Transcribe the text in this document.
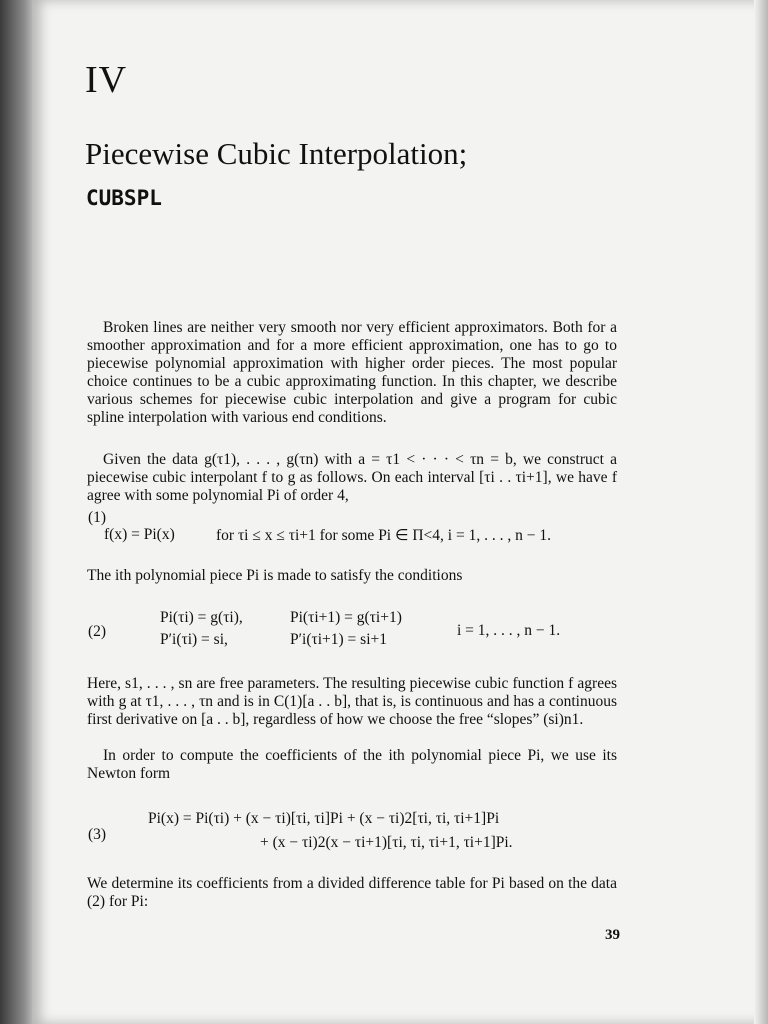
IV
Piecewise Cubic Interpolation;
CUBSPL
Broken lines are neither very smooth nor very efficient approximators. Both for a smoother approximation and for a more efficient approximation, one has to go to piecewise polynomial approximation with higher order pieces. The most popular choice continues to be a cubic approximating function. In this chapter, we describe various schemes for piecewise cubic interpolation and give a program for cubic spline interpolation with various end conditions.
Given the data g(τ1), . . . , g(τn) with a = τ1 < · · · < τn = b, we construct a piecewise cubic interpolant f to g as follows. On each interval [τi . . τi+1], we have f agree with some polynomial Pi of order 4,
(1)
f(x) = Pi(x)	for τi ≤ x ≤ τi+1 for some Pi ∈ Π<4, i = 1, . . . , n − 1.
The ith polynomial piece Pi is made to satisfy the conditions
(2)
Pi(τi) = g(τi),	Pi(τi+1) = g(τi+1)
P′i(τi) = si,	P′i(τi+1) = si+1
i = 1, . . . , n − 1.
Here, s1, . . . , sn are free parameters. The resulting piecewise cubic function f agrees with g at τ1, . . . , τn and is in C(1)[a . . b], that is, is continuous and has a continuous first derivative on [a . . b], regardless of how we choose the free “slopes” (si)n1.
In order to compute the coefficients of the ith polynomial piece Pi, we use its Newton form
(3)
Pi(x) = Pi(τi) + (x − τi)[τi, τi]Pi + (x − τi)2[τi, τi, τi+1]Pi
+ (x − τi)2(x − τi+1)[τi, τi, τi+1, τi+1]Pi.
We determine its coefficients from a divided difference table for Pi based on the data (2) for Pi:
39
